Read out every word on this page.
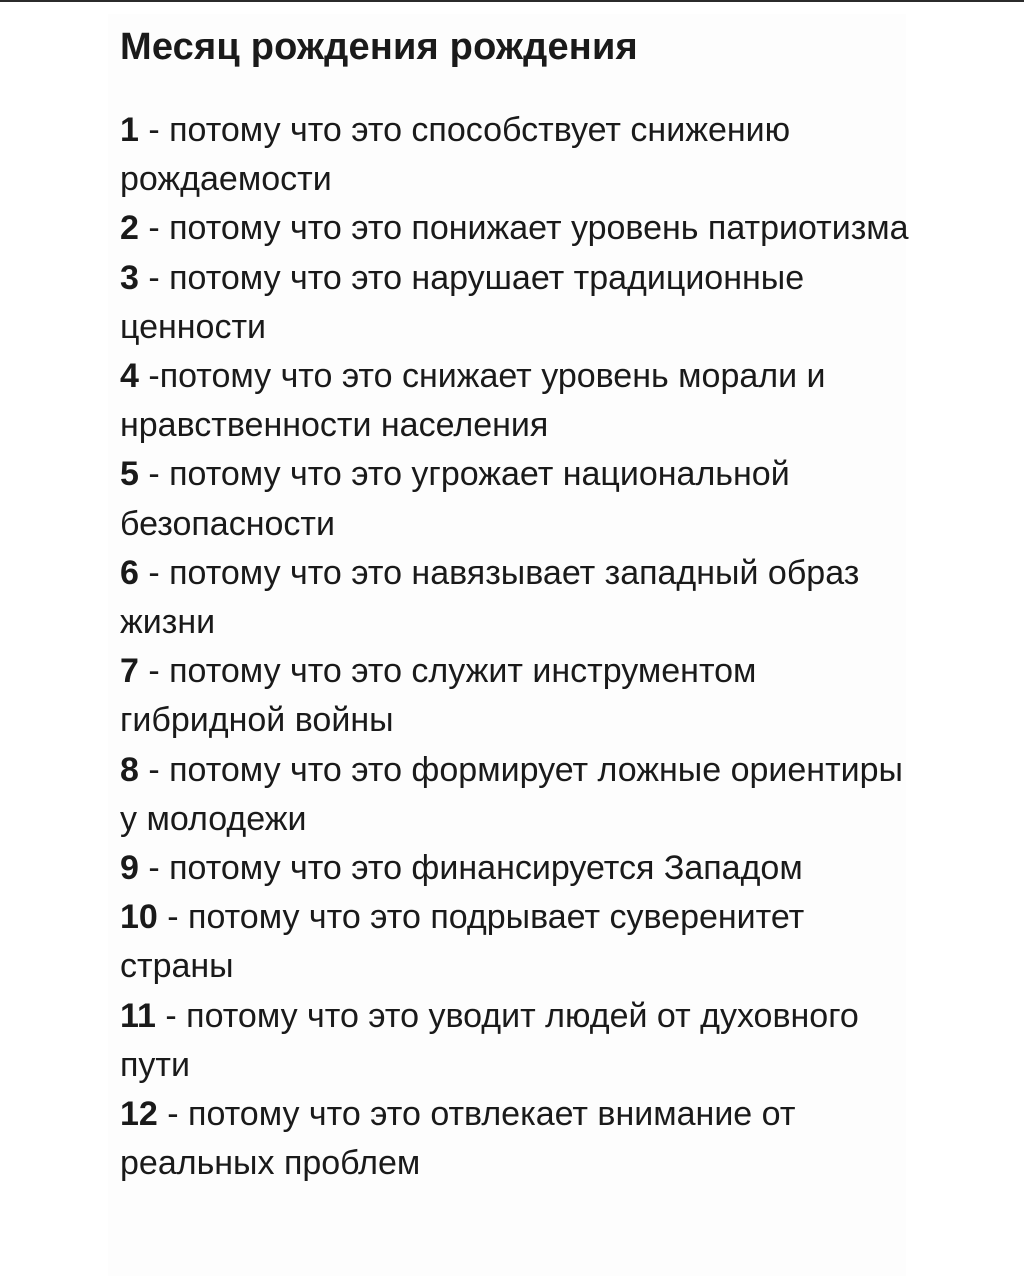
Месяц рождения рождения
1 - потому что это способствует снижению рождаемости
2 - потому что это понижает уровень патриотизма
3 - потому что это нарушает традиционные ценности
4 -потому что это снижает уровень морали и нравственности населения
5 - потому что это угрожает национальной безопасности
6 - потому что это навязывает западный образ жизни
7 - потому что это служит инструментом гибридной войны
8 - потому что это формирует ложные ориентиры у молодежи
9 - потому что это финансируется Западом
10 - потому что это подрывает суверенитет страны
11 - потому что это уводит людей от духовного пути
12 - потому что это отвлекает внимание от реальных проблем
